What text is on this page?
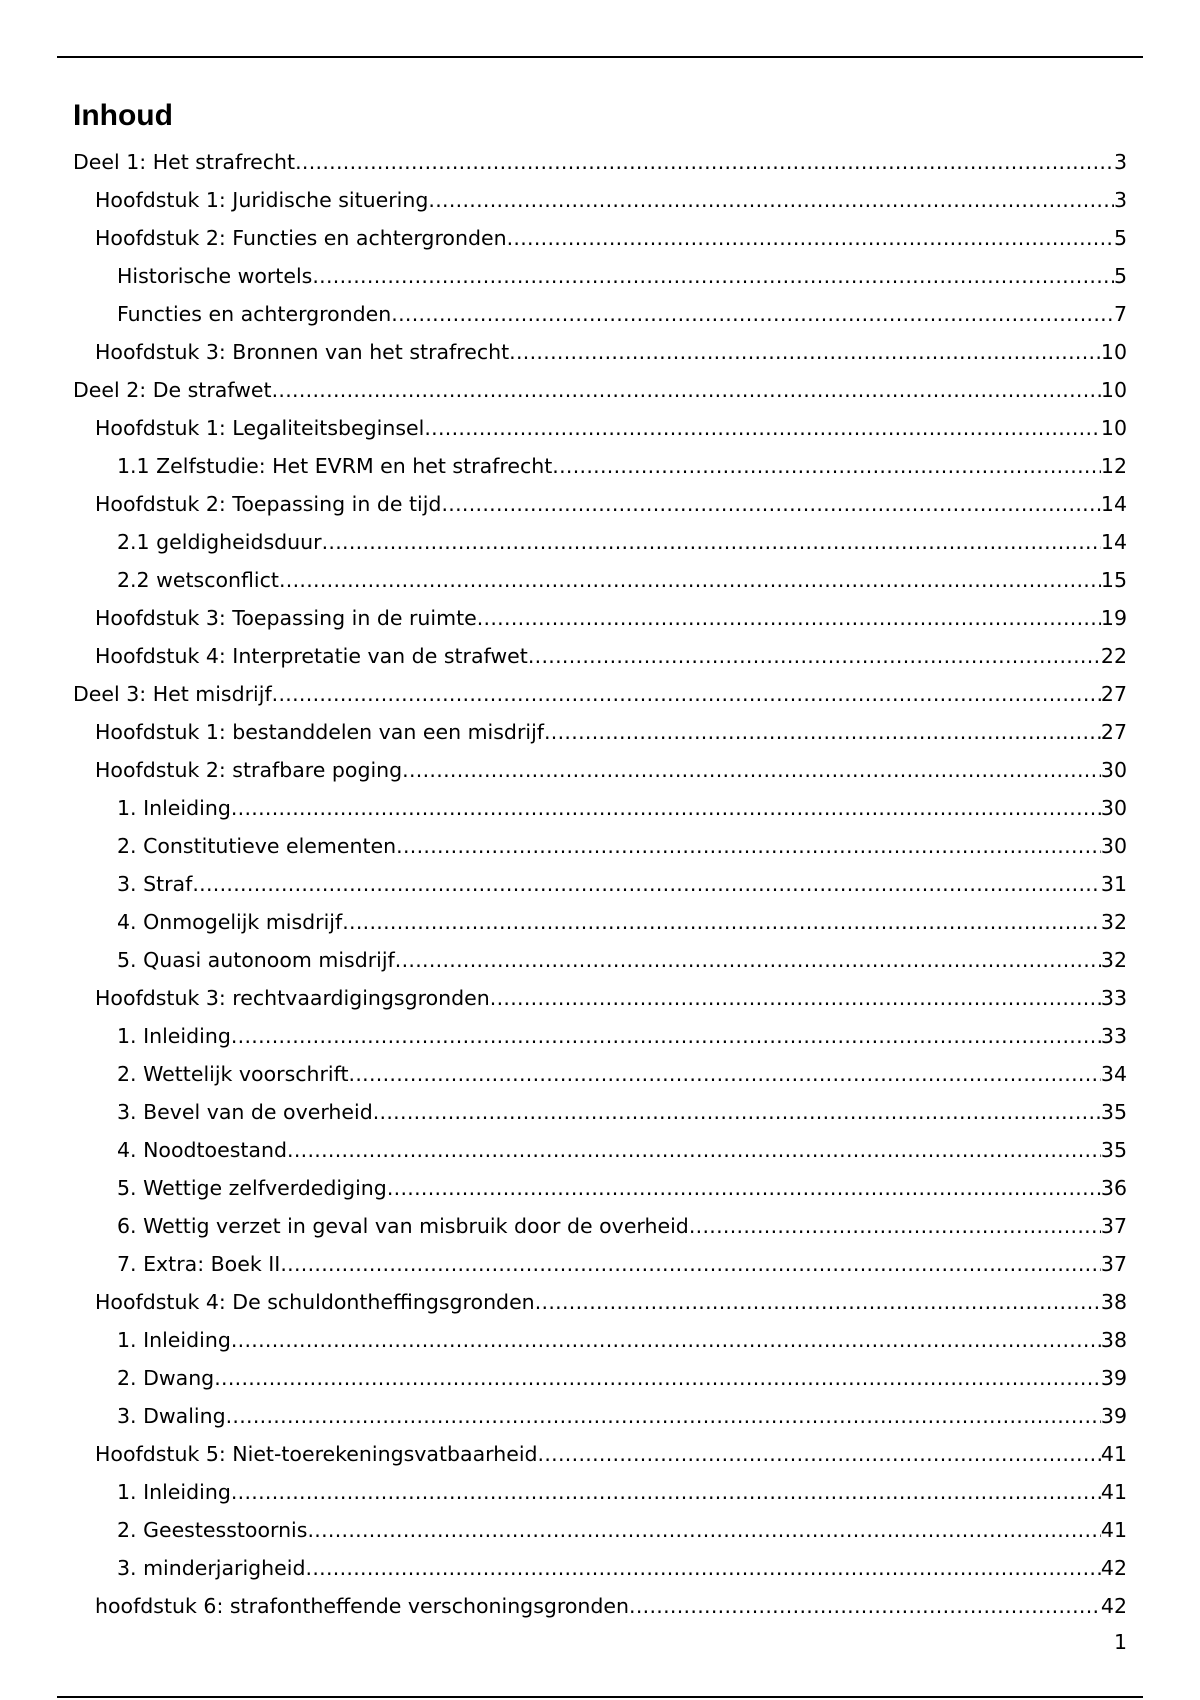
Inhoud
Deel 1: Het strafrecht .....	3
Hoofdstuk 1: Juridische situering .....	3
Hoofdstuk 2: Functies en achtergronden .....	5
Historische wortels .....	5
Functies en achtergronden .....	7
Hoofdstuk 3: Bronnen van het strafrecht .....	10
Deel 2: De strafwet .....	10
Hoofdstuk 1: Legaliteitsbeginsel .....	10
1.1 Zelfstudie: Het EVRM en het strafrecht .....	12
Hoofdstuk 2: Toepassing in de tijd .....	14
2.1 geldigheidsduur .....	14
2.2 wetsconflict .....	15
Hoofdstuk 3: Toepassing in de ruimte .....	19
Hoofdstuk 4: Interpretatie van de strafwet .....	22
Deel 3: Het misdrijf .....	27
Hoofdstuk 1: bestanddelen van een misdrijf .....	27
Hoofdstuk 2: strafbare poging .....	30
1. Inleiding .....	30
2. Constitutieve elementen .....	30
3. Straf .....	31
4. Onmogelijk misdrijf .....	32
5. Quasi autonoom misdrijf .....	32
Hoofdstuk 3: rechtvaardigingsgronden .....	33
1. Inleiding .....	33
2. Wettelijk voorschrift .....	34
3. Bevel van de overheid .....	35
4. Noodtoestand .....	35
5. Wettige zelfverdediging .....	36
6. Wettig verzet in geval van misbruik door de overheid .....	37
7. Extra: Boek II .....	37
Hoofdstuk 4: De schuldontheffingsgronden .....	38
1. Inleiding .....	38
2. Dwang .....	39
3. Dwaling .....	39
Hoofdstuk 5: Niet-toerekeningsvatbaarheid .....	41
1. Inleiding .....	41
2. Geestesstoornis .....	41
3. minderjarigheid .....	42
hoofdstuk 6: strafontheffende verschoningsgronden .....	42
1
